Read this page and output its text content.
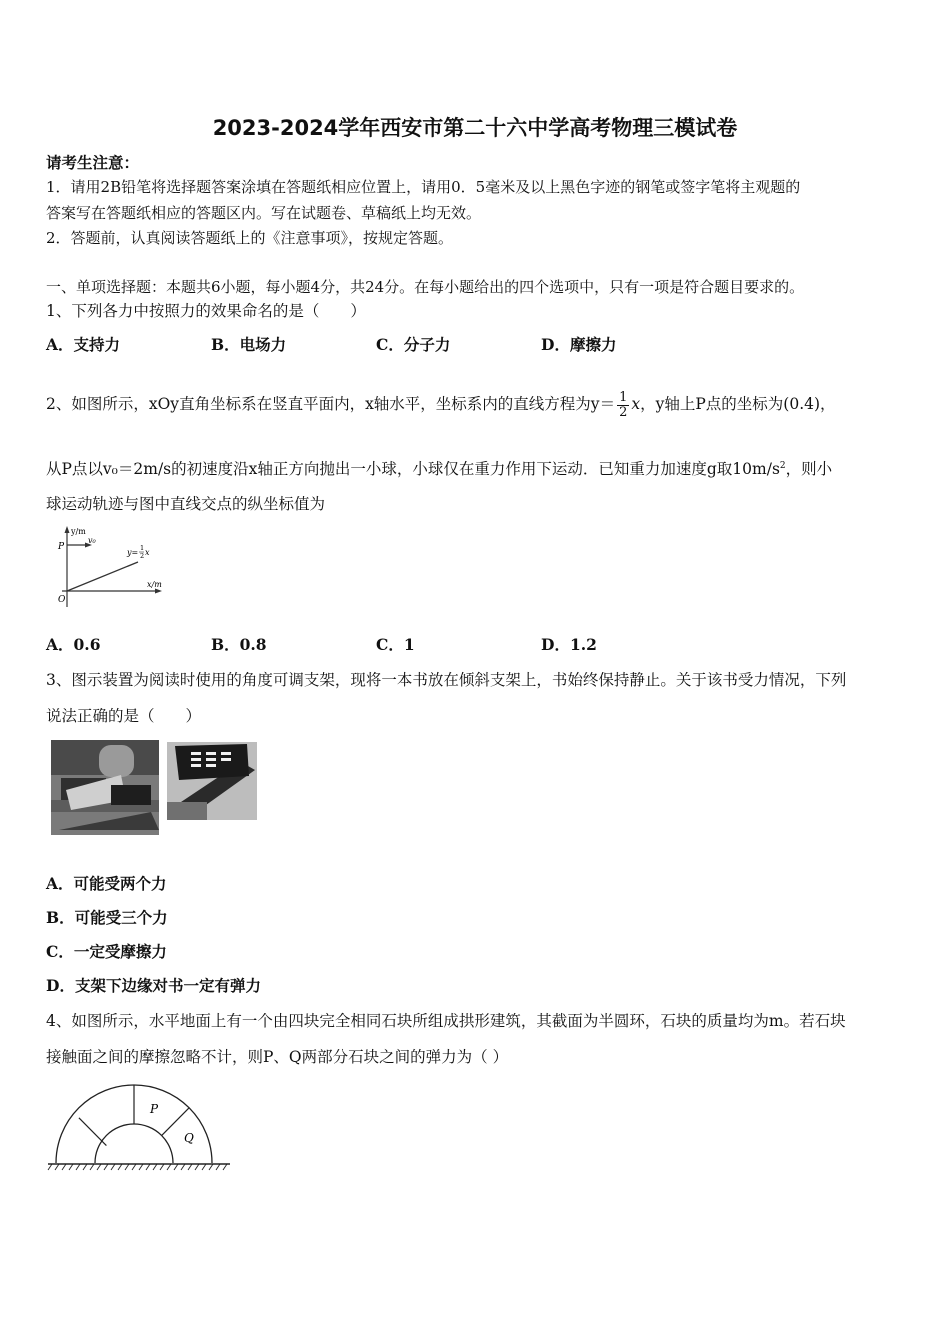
2023-2024学年西安市第二十六中学高考物理三模试卷
请考生注意：
1．请用2B铅笔将选择题答案涂填在答题纸相应位置上，请用0．5毫米及以上黑色字迹的钢笔或签字笔将主观题的
答案写在答题纸相应的答题区内。写在试题卷、草稿纸上均无效。
2．答题前，认真阅读答题纸上的《注意事项》，按规定答题。
一、单项选择题：本题共6小题，每小题4分，共24分。在每小题给出的四个选项中，只有一项是符合题目要求的。
1、下列各力中按照力的效果命名的是（　　）
A．支持力	B．电场力	C．分子力	D．摩擦力
2、如图所示，xOy直角坐标系在竖直平面内，x轴水平，坐标系内的直线方程为$y= \frac{1}{2}$ x，y轴上P点的坐标为(0.4)，
从P点以v₀＝2m/s的初速度沿x轴正方向抛出一小球，小球仅在重力作用下运动．已知重力加速度g取$10m/s^2$，则小
球运动轨迹与图中直线交点的纵坐标值为
y/m
x/m
P
v₀
O
y= 1
2 x
A．0.6	B．0.8	C．1	D．1.2
3、图示装置为阅读时使用的角度可调支架，现将一本书放在倾斜支架上，书始终保持静止。关于该书受力情况，下列
说法正确的是（　　）
A．可能受两个力
B．可能受三个力
C．一定受摩擦力
D．支架下边缘对书一定有弹力
4、如图所示，水平地面上有一个由四块完全相同石块所组成拱形建筑，其截面为半圆环，石块的质量均为m。若石块
接触面之间的摩擦忽略不计，则P、Q两部分石块之间的弹力为（ ）
P
Q
